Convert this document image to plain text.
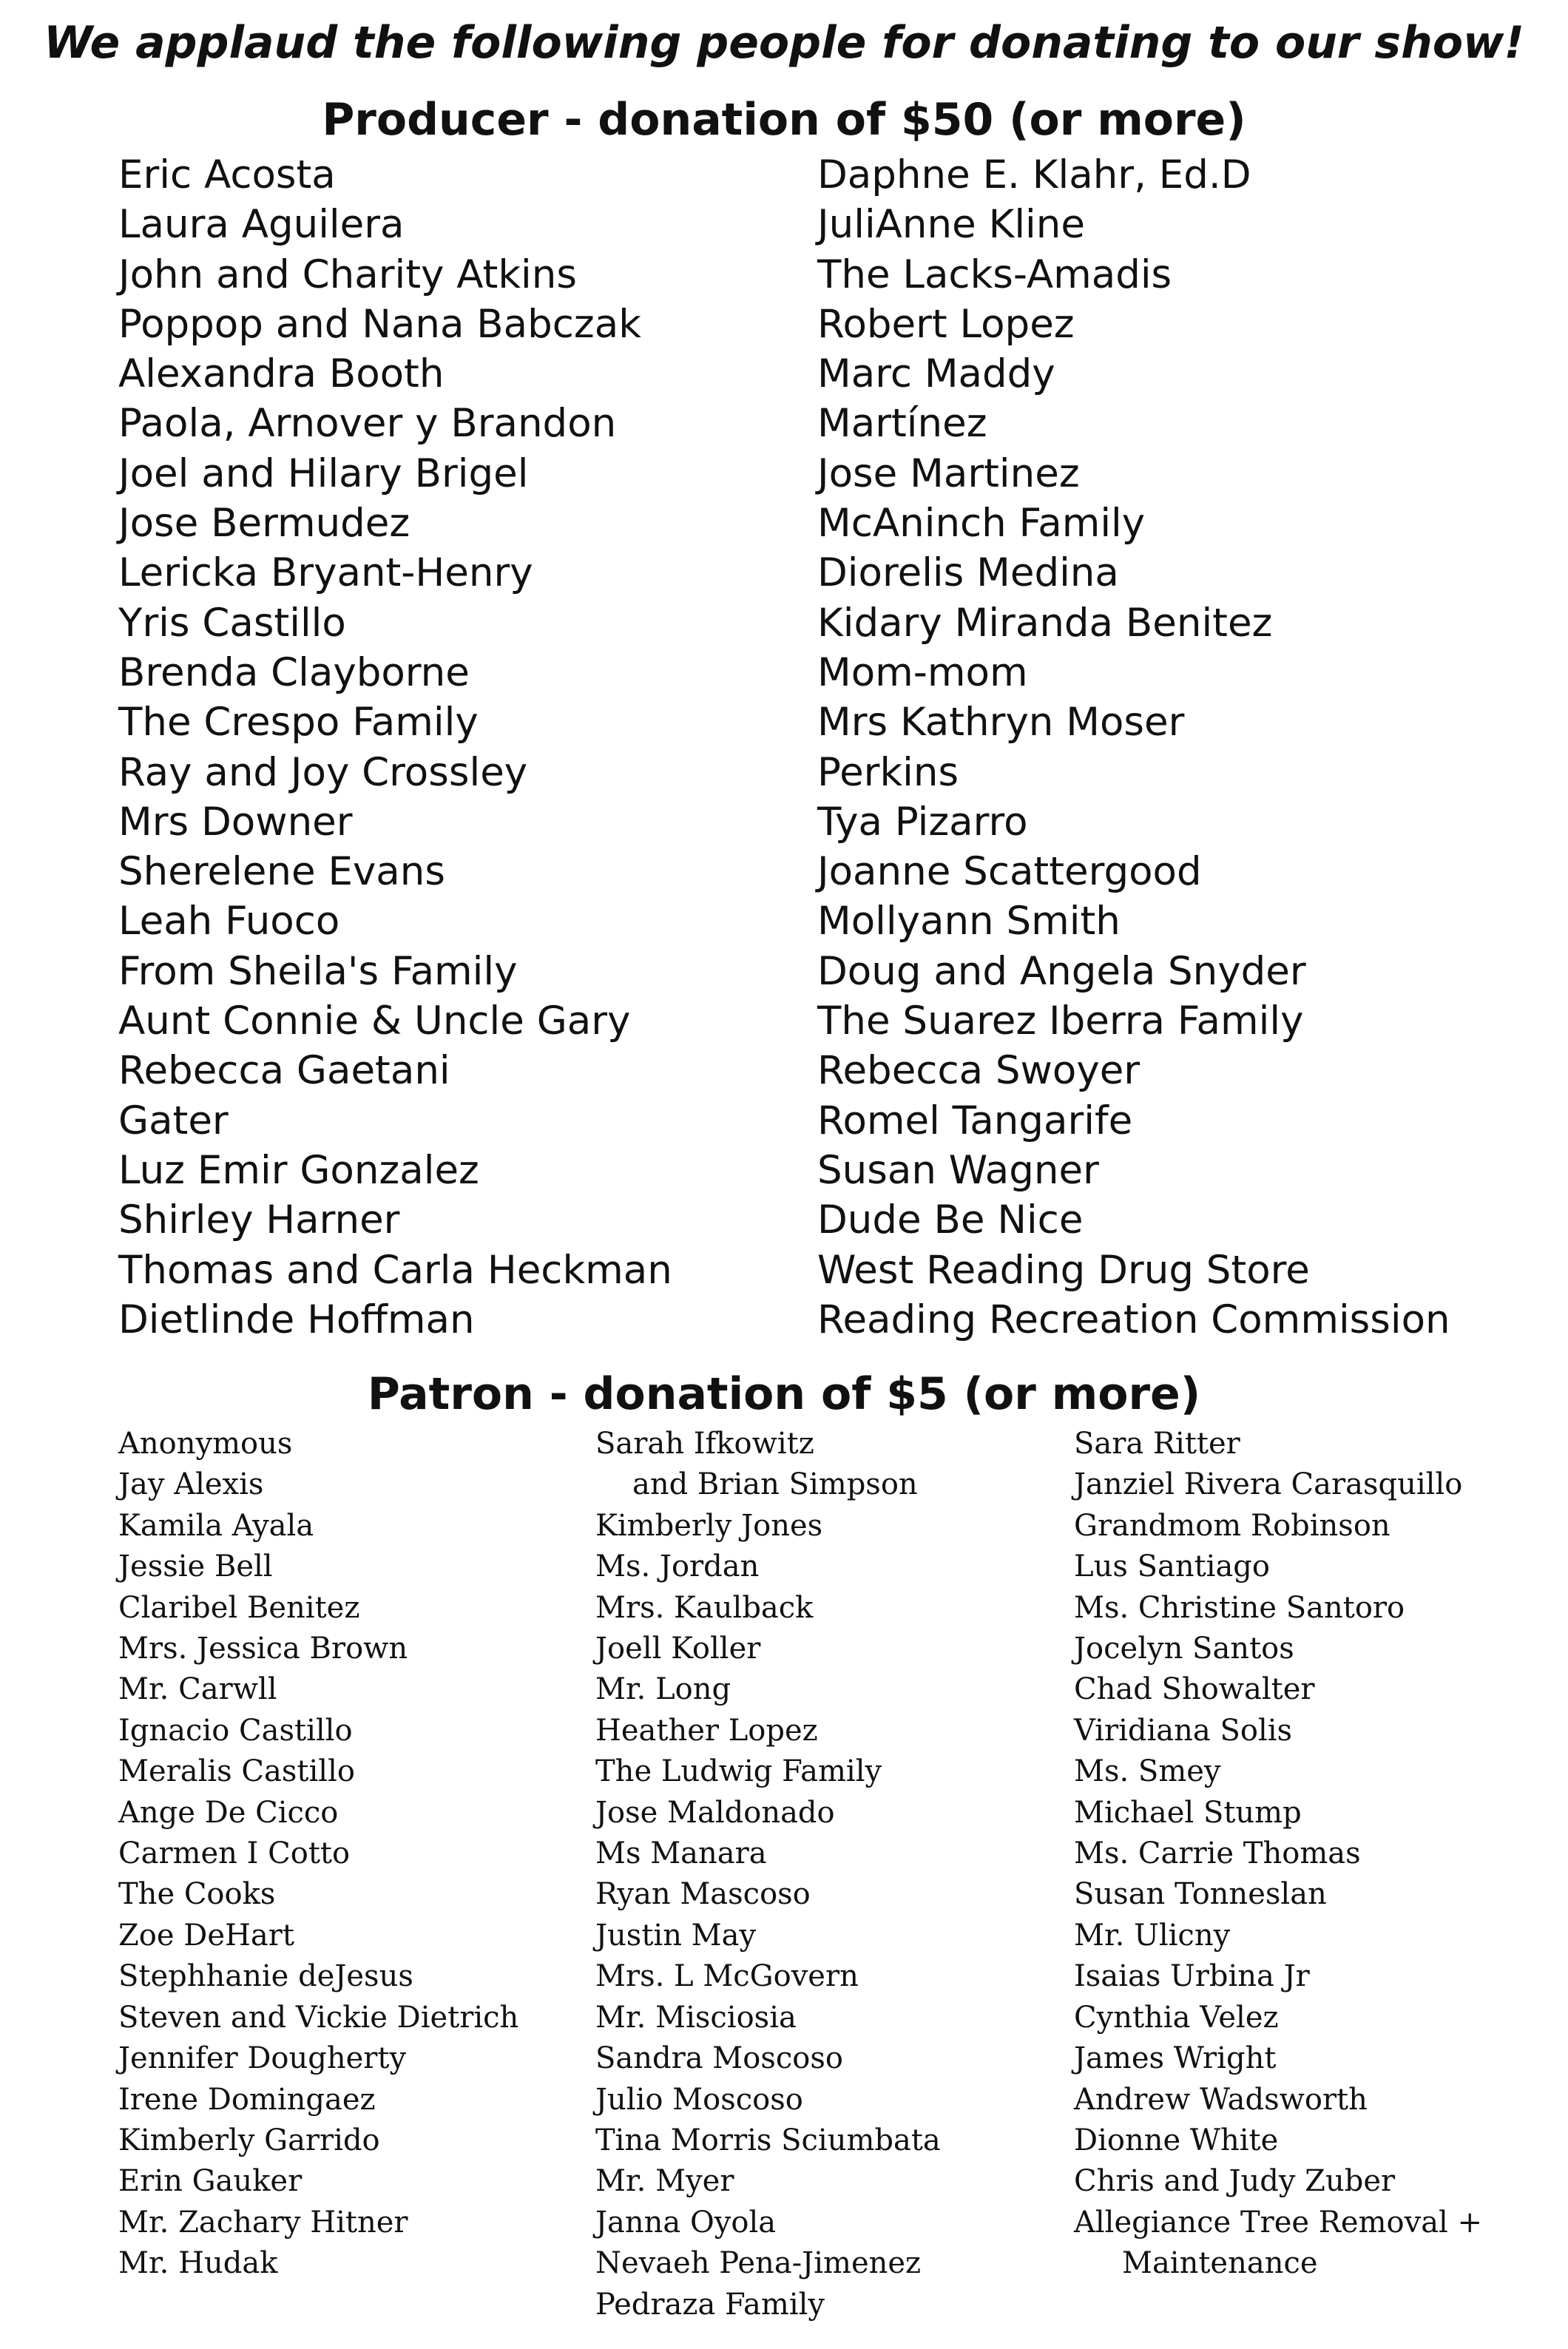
We applaud the following people for donating to our show!
Producer - donation of $50 (or more)
Eric Acosta
Laura Aguilera
John and Charity Atkins
Poppop and Nana Babczak
Alexandra Booth
Paola, Arnover y Brandon
Joel and Hilary Brigel
Jose Bermudez
Lericka Bryant-Henry
Yris Castillo
Brenda Clayborne
The Crespo Family
Ray and Joy Crossley
Mrs Downer
Sherelene Evans
Leah Fuoco
From Sheila's Family
Aunt Connie & Uncle Gary
Rebecca Gaetani
Gater
Luz Emir Gonzalez
Shirley Harner
Thomas and Carla Heckman
Dietlinde Hoffman
Daphne E. Klahr, Ed.D
JuliAnne Kline
The Lacks-Amadis
Robert Lopez
Marc Maddy
Martínez
Jose Martinez
McAninch Family
Diorelis Medina
Kidary Miranda Benitez
Mom-mom
Mrs Kathryn Moser
Perkins
Tya Pizarro
Joanne Scattergood
Mollyann Smith
Doug and Angela Snyder
The Suarez Iberra Family
Rebecca Swoyer
Romel Tangarife
Susan Wagner
Dude Be Nice
West Reading Drug Store
Reading Recreation Commission
Patron - donation of $5 (or more)
Anonymous
Jay Alexis
Kamila Ayala
Jessie Bell
Claribel Benitez
Mrs. Jessica Brown
Mr. Carwll
Ignacio Castillo
Meralis Castillo
Ange De Cicco
Carmen I Cotto
The Cooks
Zoe DeHart
Stephhanie deJesus
Steven and Vickie Dietrich
Jennifer Dougherty
Irene Domingaez
Kimberly Garrido
Erin Gauker
Mr. Zachary Hitner
Mr. Hudak
Sarah Ifkowitz
and Brian Simpson
Kimberly Jones
Ms. Jordan
Mrs. Kaulback
Joell Koller
Mr. Long
Heather Lopez
The Ludwig Family
Jose Maldonado
Ms Manara
Ryan Mascoso
Justin May
Mrs. L McGovern
Mr. Misciosia
Sandra Moscoso
Julio Moscoso
Tina Morris Sciumbata
Mr. Myer
Janna Oyola
Nevaeh Pena-Jimenez
Pedraza Family
Sara Ritter
Janziel Rivera Carasquillo
Grandmom Robinson
Lus Santiago
Ms. Christine Santoro
Jocelyn Santos
Chad Showalter
Viridiana Solis
Ms. Smey
Michael Stump
Ms. Carrie Thomas
Susan Tonneslan
Mr. Ulicny
Isaias Urbina Jr
Cynthia Velez
James Wright
Andrew Wadsworth
Dionne White
Chris and Judy Zuber
Allegiance Tree Removal +
Maintenance
